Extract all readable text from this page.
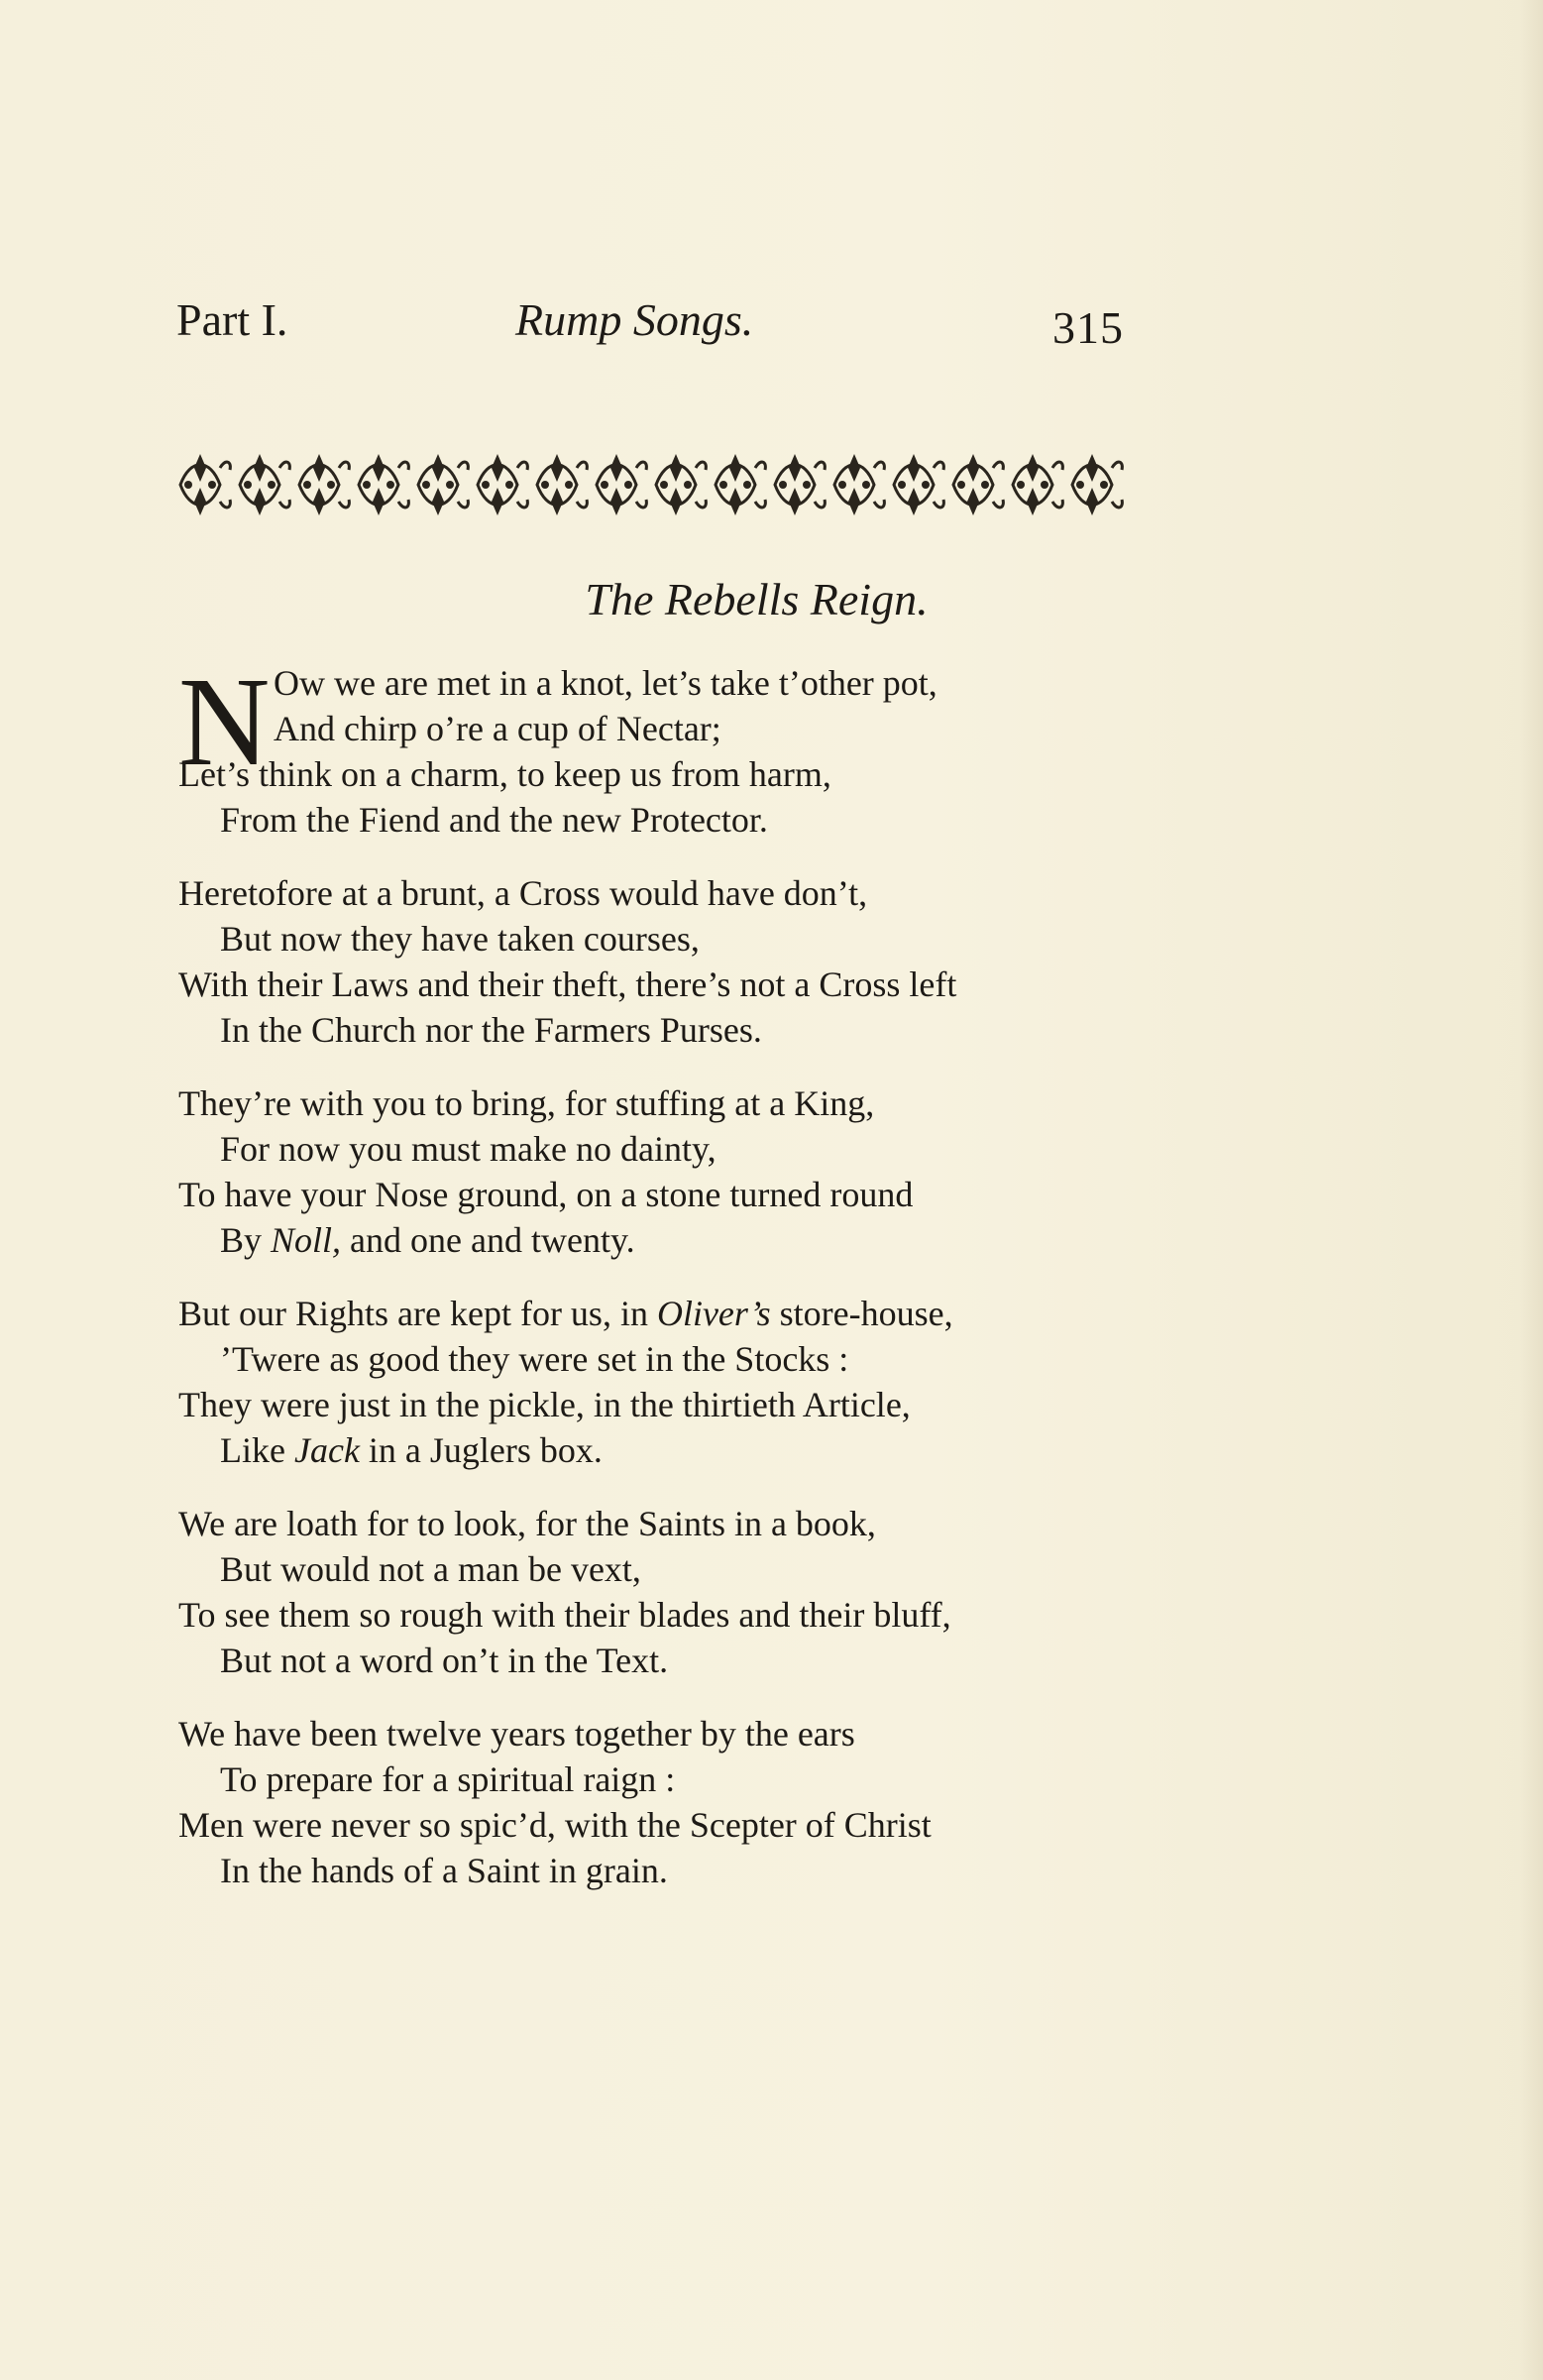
Part I.	Rump Songs.	315
The Rebells Reign.
N Ow we are met in a knot, let’s take t’other pot,
And chirp o’re a cup of Nectar;
Let’s think on a charm, to keep us from harm,
From the Fiend and the new Protector.
Heretofore at a brunt, a Cross would have don’t,
But now they have taken courses,
With their Laws and their theft, there’s not a Cross left
In the Church nor the Farmers Purses.
They’re with you to bring, for stuffing at a King,
For now you must make no dainty,
To have your Nose ground, on a stone turned round
By Noll, and one and twenty.
But our Rights are kept for us, in Oliver’s store-house,
’Twere as good they were set in the Stocks :
They were just in the pickle, in the thirtieth Article,
Like Jack in a Juglers box.
We are loath for to look, for the Saints in a book,
But would not a man be vext,
To see them so rough with their blades and their bluff,
But not a word on’t in the Text.
We have been twelve years together by the ears
To prepare for a spiritual raign :
Men were never so spic’d, with the Scepter of Christ
In the hands of a Saint in grain.
